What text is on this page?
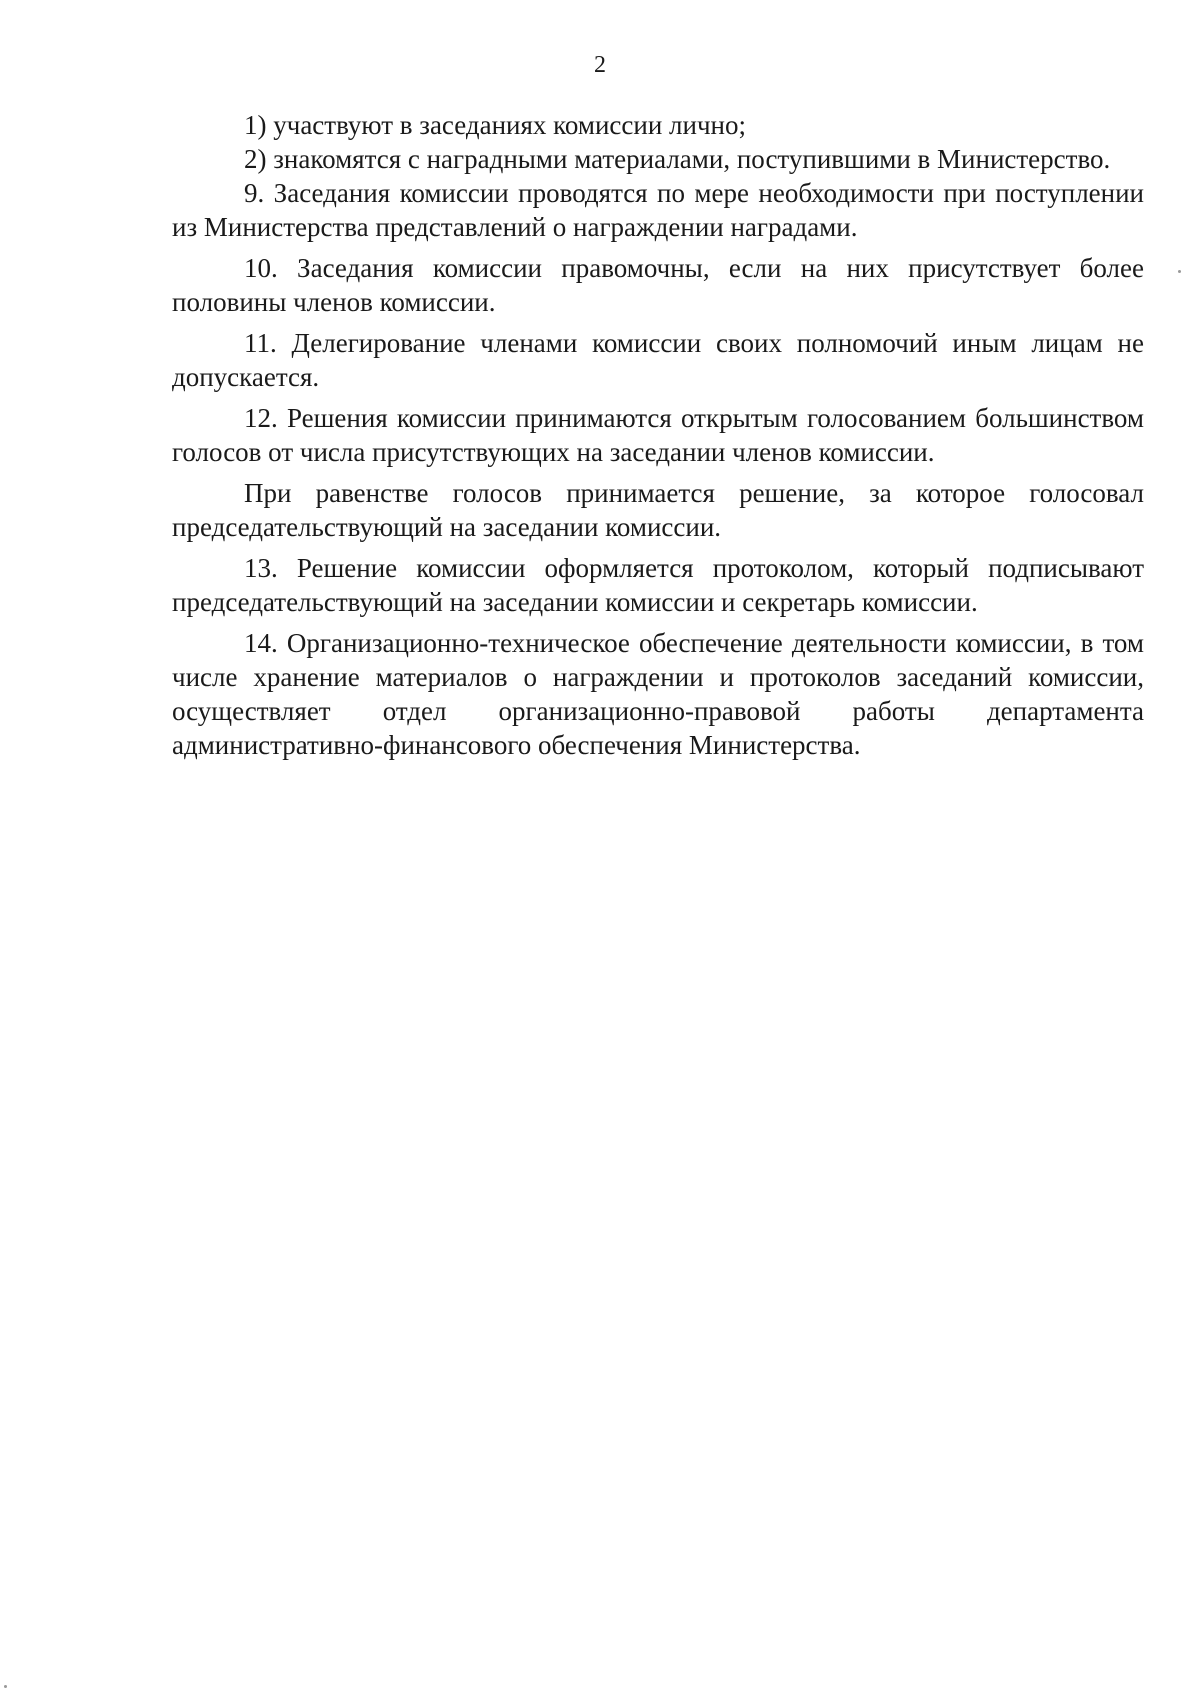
2

1) участвуют в заседаниях комиссии лично;

2) знакомятся с наградными материалами, поступившими в Министерство.

9. Заседания комиссии проводятся по мере необходимости при поступлении из Министерства представлений о награждении наградами.

10. Заседания комиссии правомочны, если на них присутствует более половины членов комиссии.

11. Делегирование членами комиссии своих полномочий иным лицам не допускается.

12. Решения комиссии принимаются открытым голосованием большинством голосов от числа присутствующих на заседании членов комиссии.

При равенстве голосов принимается решение, за которое голосовал председательствующий на заседании комиссии.

13. Решение комиссии оформляется протоколом, который подписывают председательствующий на заседании комиссии и секретарь комиссии.

14. Организационно-техническое обеспечение деятельности комиссии, в том числе хранение материалов о награждении и протоколов заседаний комиссии, осуществляет отдел организационно-правовой работы департамента административно-финансового обеспечения Министерства.
